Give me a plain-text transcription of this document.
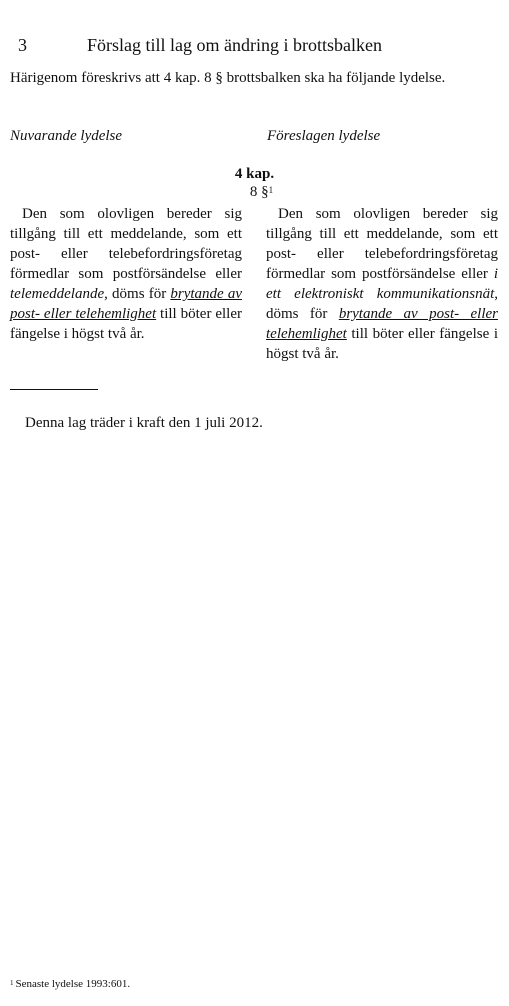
3	Förslag till lag om ändring i brottsbalken
Härigenom föreskrivs att 4 kap. 8 § brottsbalken ska ha följande lydelse.
Nuvarande lydelse	Föreslagen lydelse
4 kap.
8 §$^1$
Den som olovligen bereder sig tillgång till ett meddelande, som ett post- eller telebefordringsföretag förmedlar som postförsändelse eller telemeddelande, döms för brytande av post- eller telehemlighet till böter eller fängelse i högst två år.
Den som olovligen bereder sig tillgång till ett meddelande, som ett post- eller telebefordringsföretag förmedlar som postförsändelse eller i ett elektroniskt kommunikationsnät, döms för brytande av post- eller telehemlighet till böter eller fängelse i högst två år.
Denna lag träder i kraft den 1 juli 2012.
$^1$ Senaste lydelse 1993:601.
